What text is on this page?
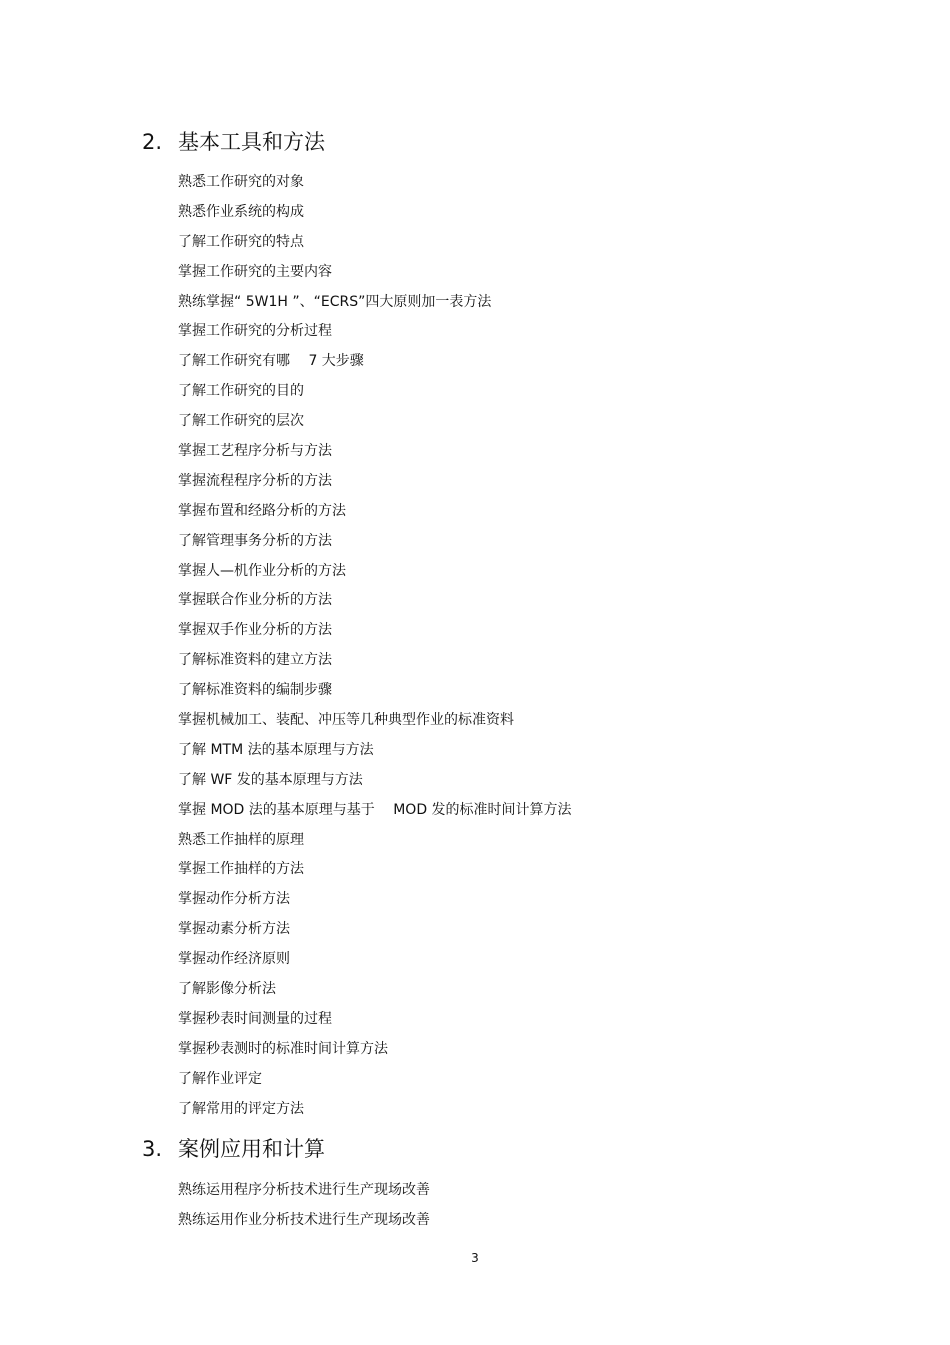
2. 基本工具和方法
熟悉工作研究的对象
熟悉作业系统的构成
了解工作研究的特点
掌握工作研究的主要内容
熟练掌握“ 5W1H ”、“ECRS”四大原则加一表方法
掌握工作研究的分析过程
了解工作研究有哪　 7 大步骤
了解工作研究的目的
了解工作研究的层次
掌握工艺程序分析与方法
掌握流程程序分析的方法
掌握布置和经路分析的方法
了解管理事务分析的方法
掌握人—机作业分析的方法
掌握联合作业分析的方法
掌握双手作业分析的方法
了解标准资料的建立方法
了解标准资料的编制步骤
掌握机械加工、装配、冲压等几种典型作业的标准资料
了解 MTM 法的基本原理与方法
了解 WF 发的基本原理与方法
掌握 MOD 法的基本原理与基于　 MOD 发的标准时间计算方法
熟悉工作抽样的原理
掌握工作抽样的方法
掌握动作分析方法
掌握动素分析方法
掌握动作经济原则
了解影像分析法
掌握秒表时间测量的过程
掌握秒表测时的标准时间计算方法
了解作业评定
了解常用的评定方法
3. 案例应用和计算
熟练运用程序分析技术进行生产现场改善
熟练运用作业分析技术进行生产现场改善
3
